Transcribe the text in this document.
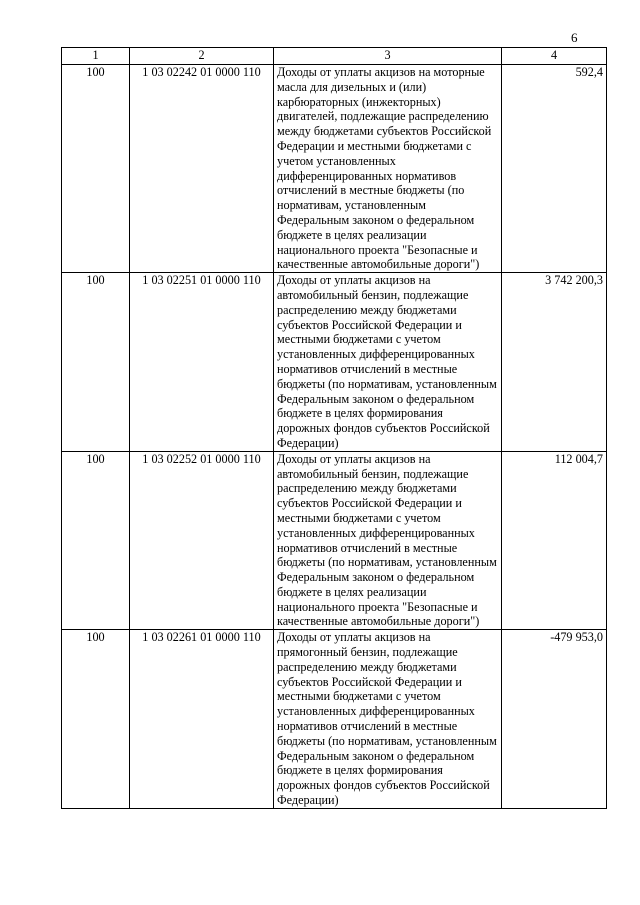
6
1	2	3	4
100	1 03 02242 01 0000 110	Доходы от уплаты акцизов на моторные масла для дизельных и (или) карбюраторных (инжекторных) двигателей, подлежащие распределению между бюджетами субъектов Российской Федерации и местными бюджетами с учетом установленных дифференцированных нормативов отчислений в местные бюджеты (по нормативам, установленным Федеральным законом о федеральном бюджете в целях реализации национального проекта "Безопасные и качественные автомобильные дороги")	592,4
100	1 03 02251 01 0000 110	Доходы от уплаты акцизов на автомобильный бензин, подлежащие распределению между бюджетами субъектов Российской Федерации и местными бюджетами с учетом установленных дифференцированных нормативов отчислений в местные бюджеты (по нормативам, установленным Федеральным законом о федеральном бюджете в целях формирования дорожных фондов субъектов Российской Федерации)	3 742 200,3
100	1 03 02252 01 0000 110	Доходы от уплаты акцизов на автомобильный бензин, подлежащие распределению между бюджетами субъектов Российской Федерации и местными бюджетами с учетом установленных дифференцированных нормативов отчислений в местные бюджеты (по нормативам, установленным Федеральным законом о федеральном бюджете в целях реализации национального проекта "Безопасные и качественные автомобильные дороги")	112 004,7
100	1 03 02261 01 0000 110	Доходы от уплаты акцизов на прямогонный бензин, подлежащие распределению между бюджетами субъектов Российской Федерации и местными бюджетами с учетом установленных дифференцированных нормативов отчислений в местные бюджеты (по нормативам, установленным Федеральным законом о федеральном бюджете в целях формирования дорожных фондов субъектов Российской Федерации)	-479 953,0
